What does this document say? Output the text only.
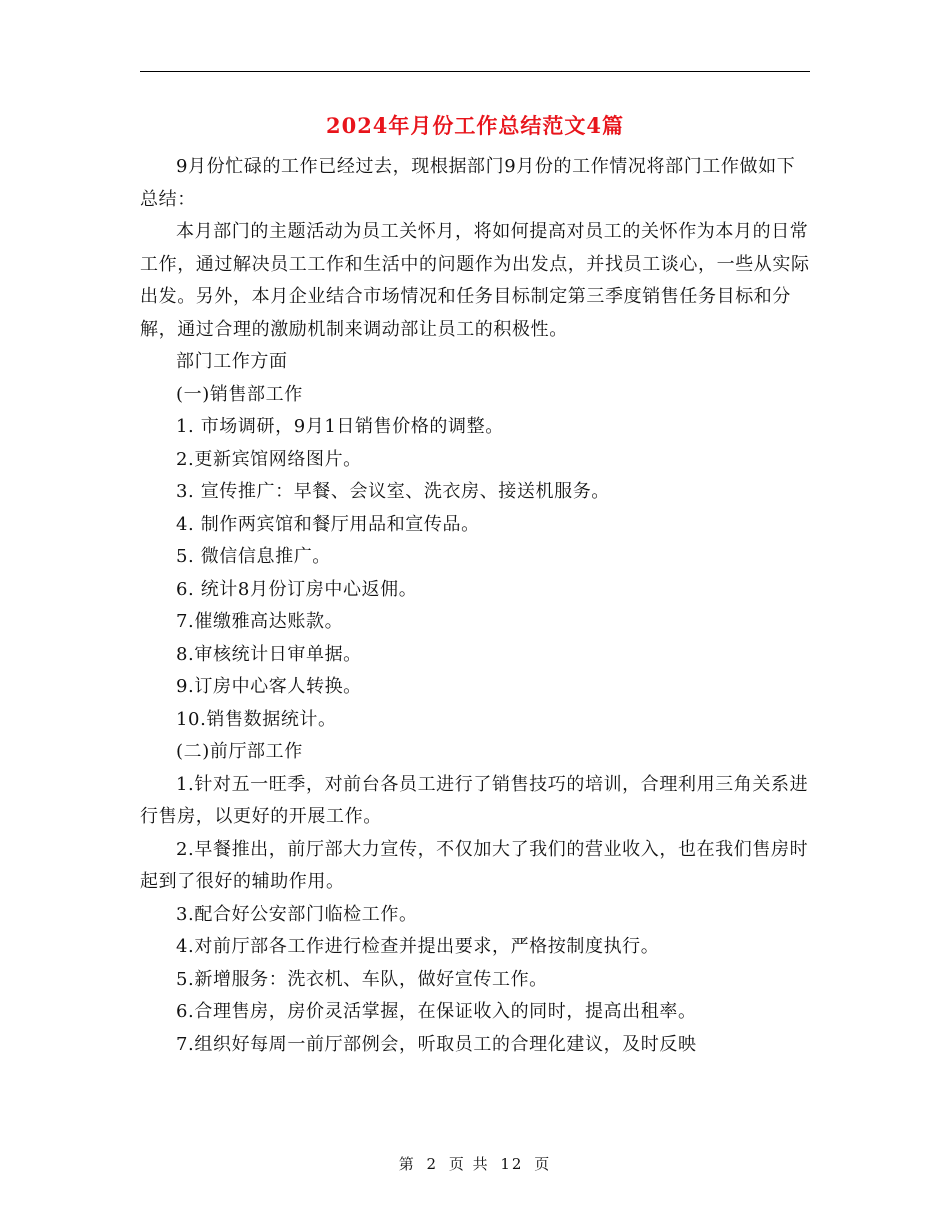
2024年月份工作总结范文4篇

9月份忙碌的工作已经过去，现根据部门9月份的工作情况将部门工作做如下总结：

本月部门的主题活动为员工关怀月，将如何提高对员工的关怀作为本月的日常工作，通过解决员工工作和生活中的问题作为出发点，并找员工谈心，一些从实际出发。另外，本月企业结合市场情况和任务目标制定第三季度销售任务目标和分解，通过合理的激励机制来调动部让员工的积极性。

部门工作方面

(一)销售部工作

1. 市场调研，9月1日销售价格的调整。

2.更新宾馆网络图片。

3. 宣传推广：早餐、会议室、洗衣房、接送机服务。

4. 制作两宾馆和餐厅用品和宣传品。

5. 微信信息推广。

6. 统计8月份订房中心返佣。

7.催缴雅高达账款。

8.审核统计日审单据。

9.订房中心客人转换。

10.销售数据统计。

(二)前厅部工作

1.针对五一旺季，对前台各员工进行了销售技巧的培训，合理利用三角关系进行售房，以更好的开展工作。

2.早餐推出，前厅部大力宣传，不仅加大了我们的营业收入，也在我们售房时起到了很好的辅助作用。

3.配合好公安部门临检工作。

4.对前厅部各工作进行检查并提出要求，严格按制度执行。

5.新增服务：洗衣机、车队，做好宣传工作。

6.合理售房，房价灵活掌握，在保证收入的同时，提高出租率。

7.组织好每周一前厅部例会，听取员工的合理化建议，及时反映

第 2 页 共 12 页
